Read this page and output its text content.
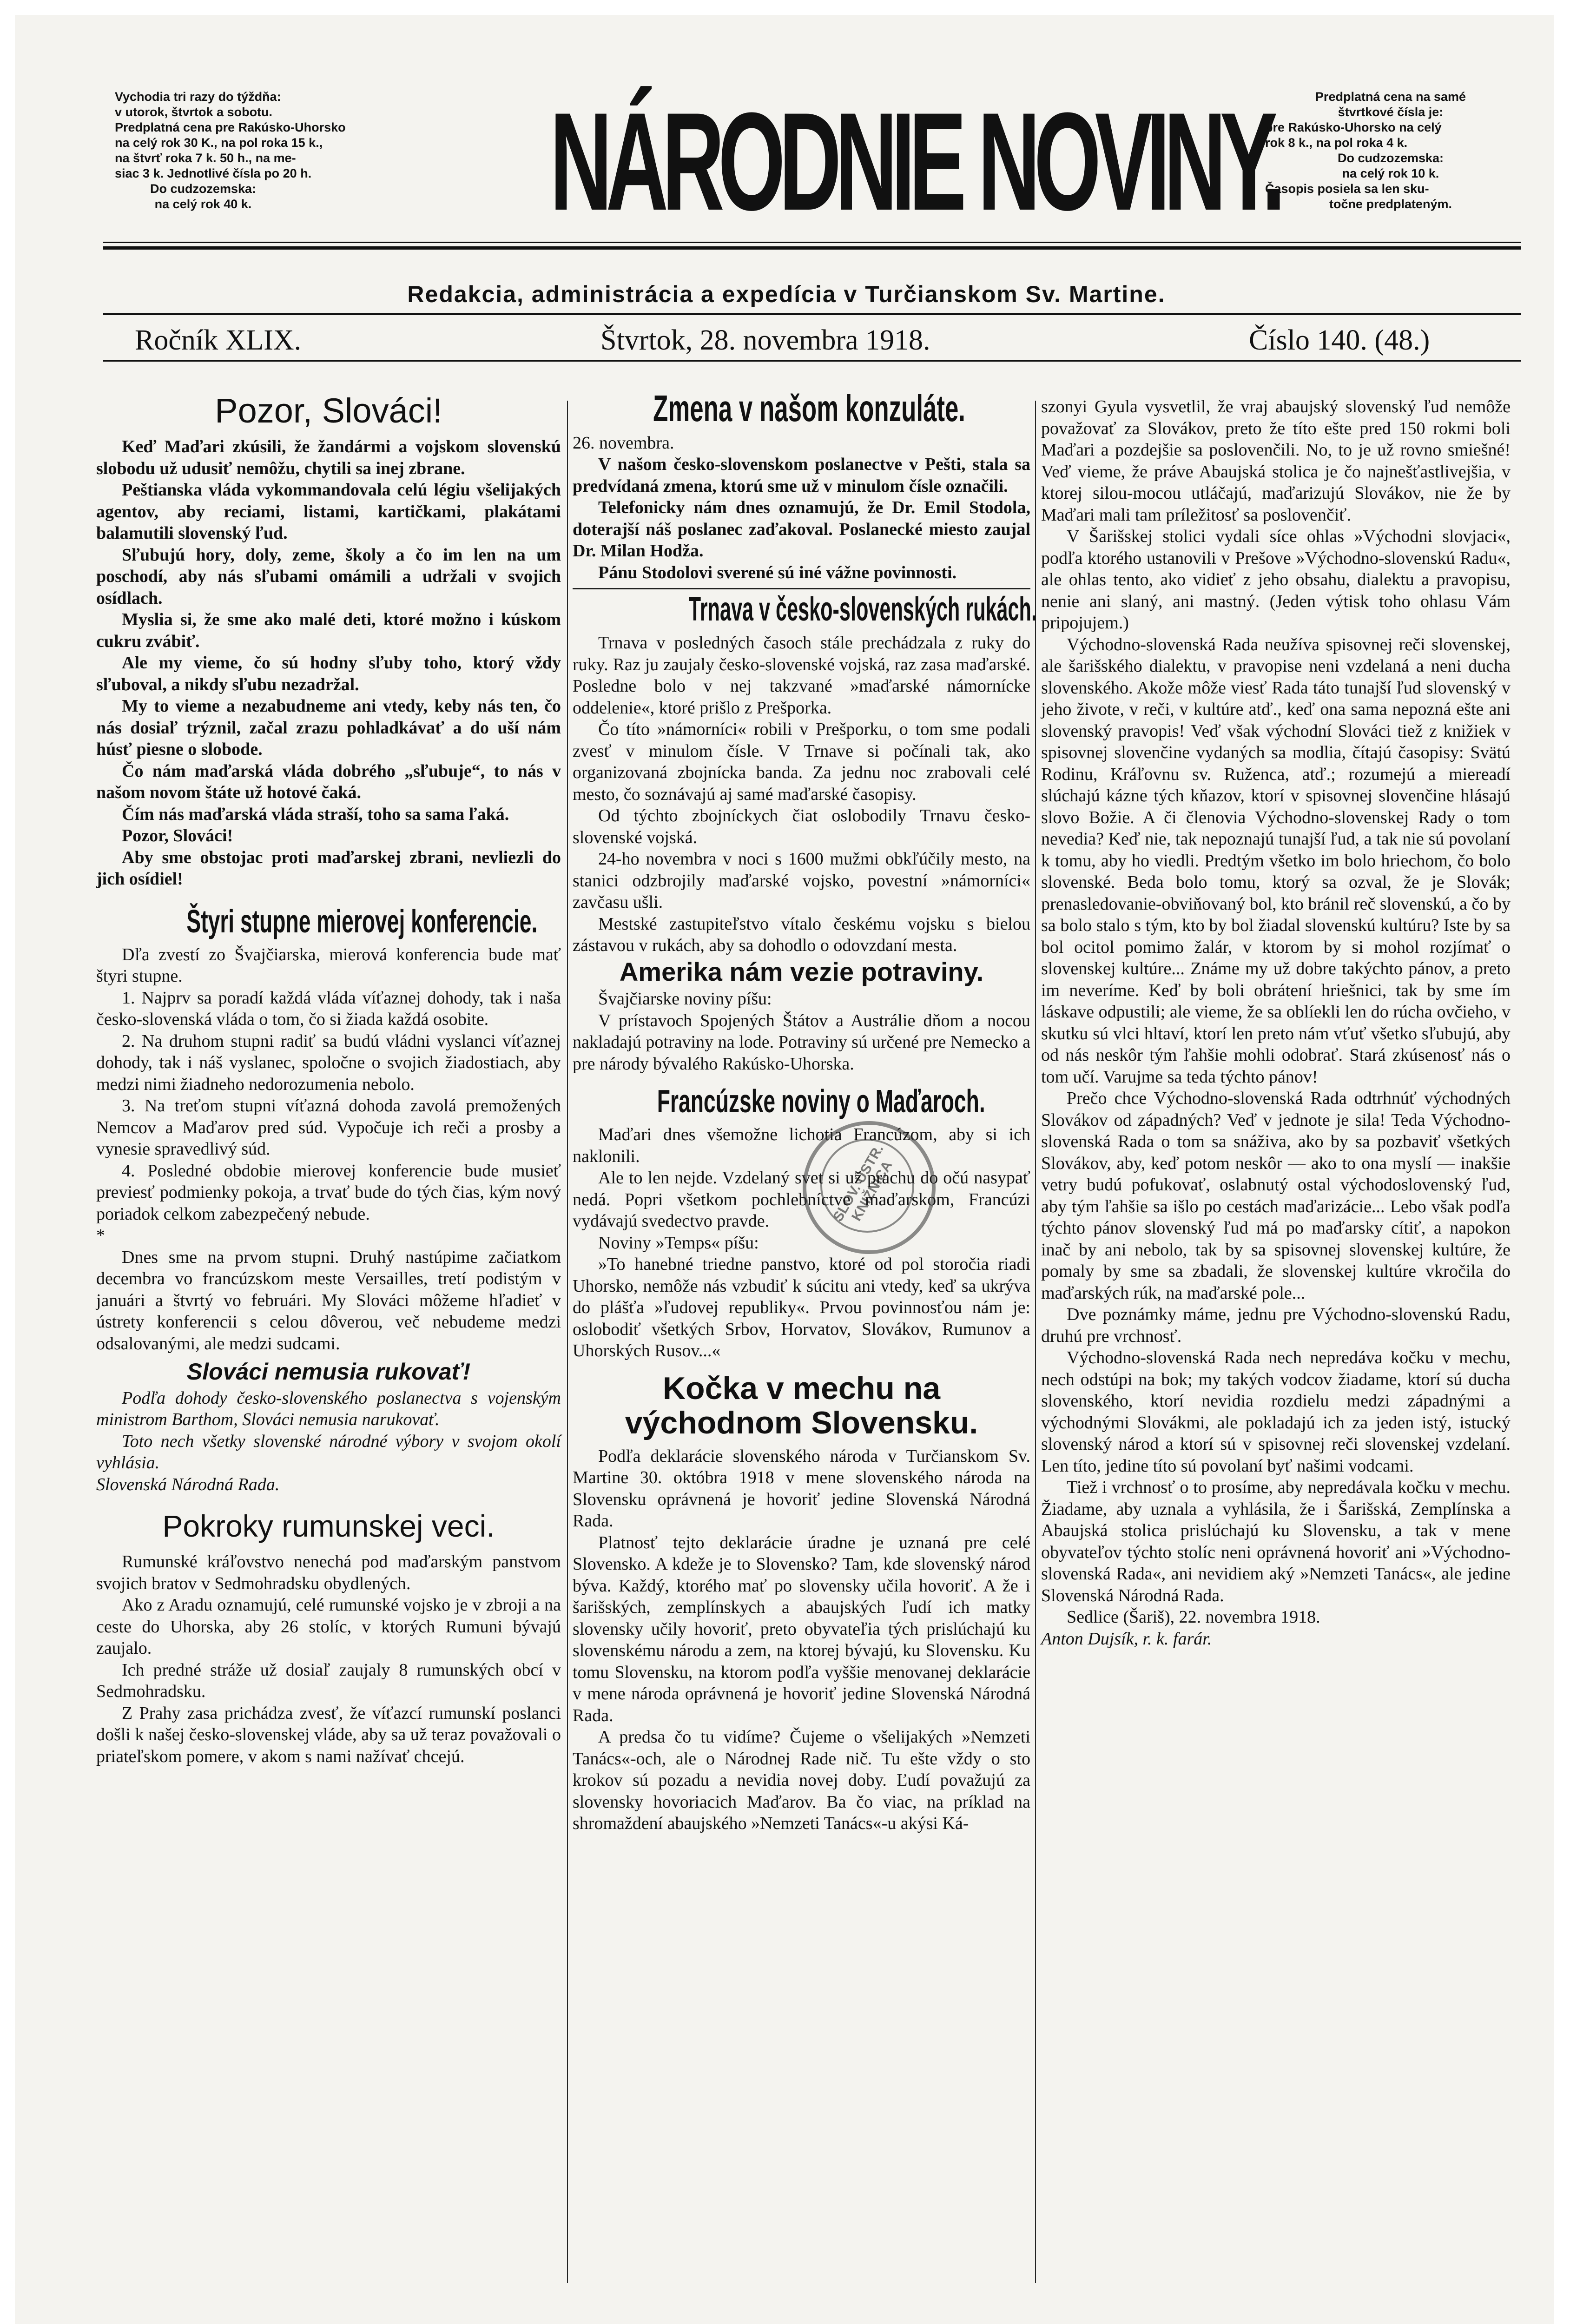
Vychodia tri razy do týždňa:
v utorok, štvrtok a sobotu.
Predplatná cena pre Rakúsko-Uhorsko
na celý rok 30 K., na pol roka 15 k.,
na štvrť roka 7 k. 50 h., na me-
siac 3 k. Jednotlivé čísla po 20 h.
Do cudzozemska:
na celý rok 40 k. NÁRODNIE NOVINY.	Predplatná cena na samé
štvrtkové čísla je:
pre Rakúsko-Uhorsko na celý
rok 8 k., na pol roka 4 k.
Do cudzozemska:
na celý rok 10 k.
Časopis posiela sa len sku-
točne predplateným.
Redakcia, administrácia a expedícia v Turčianskom Sv. Martine.
Ročník XLIX.	Štvrtok, 28. novembra 1918.	Číslo 140. (48.)
Pozor, Slováci!

Keď Maďari zkúsili, že žandármi a vojskom slovenskú slobodu už udusiť nemôžu, chytili sa inej zbrane.

Peštianska vláda vykommandovala celú légiu všelijakých agentov, aby reciami, listami, kartičkami, plakátami balamutili slovenský ľud.

Sľubujú hory, doly, zeme, školy a čo im len na um poschodí, aby nás sľubami omámili a udržali v svojich osídlach.

Myslia si, že sme ako malé deti, ktoré možno i kúskom cukru zvábiť.

Ale my vieme, čo sú hodny sľuby toho, ktorý vždy sľuboval, a nikdy sľubu nezadržal.

My to vieme a nezabudneme ani vtedy, keby nás ten, čo nás dosiaľ trýznil, začal zrazu pohladkávať a do uší nám húsť piesne o slobode.

Čo nám maďarská vláda dobrého „sľubuje“, to nás v našom novom štáte už hotové čaká.

Čím nás maďarská vláda straší, toho sa sama ľaká.

Pozor, Slováci!

Aby sme obstojac proti maďarskej zbrani, nevliezli do jich osídiel!

Štyri stupne mierovej konferencie.

Dľa zvestí zo Švajčiarska, mierová konferencia bude mať štyri stupne.

1. Najprv sa poradí každá vláda víťaznej dohody, tak i naša česko-slovenská vláda o tom, čo si žiada každá osobite.

2. Na druhom stupni radiť sa budú vládni vyslanci víťaznej dohody, tak i náš vyslanec, spoločne o svojich žiadostiach, aby medzi nimi žiadneho nedorozumenia nebolo.

3. Na treťom stupni víťazná dohoda zavolá premožených Nemcov a Maďarov pred súd. Vypočuje ich reči a prosby a vynesie spravedlivý súd.

4. Posledné obdobie mierovej konferencie bude musieť previesť podmienky pokoja, a trvať bude do tých čias, kým nový poriadok celkom zabezpečený nebude.

*

Dnes sme na prvom stupni. Druhý nastúpime začiatkom decembra vo francúzskom meste Versailles, tretí podistým v januári a štvrtý vo februári. My Slováci môžeme hľadieť v ústrety konferencii s celou dôverou, več nebudeme medzi odsalovanými, ale medzi sudcami.

Slováci nemusia rukovať!

Podľa dohody česko-slovenského poslanectva s vojenským ministrom Barthom, Slováci nemusia narukovať.

Toto nech všetky slovenské národné výbory v svojom okolí vyhlásia.

Slovenská Národná Rada.

Pokroky rumunskej veci.

Rumunské kráľovstvo nenechá pod maďarským panstvom svojich bratov v Sedmohradsku obydlených.

Ako z Aradu oznamujú, celé rumunské vojsko je v zbroji a na ceste do Uhorska, aby 26 stolíc, v ktorých Rumuni bývajú zaujalo.

Ich predné stráže už dosiaľ zaujaly 8 rumunských obcí v Sedmohradsku.

Z Prahy zasa prichádza zvesť, že víťazcí rumunskí poslanci došli k našej česko-slovenskej vláde, aby sa už teraz považovali o priateľskom pomere, v akom s nami nažívať chcejú.

Zmena v našom konzuláte.

26. novembra.

V našom česko-slovenskom poslanectve v Pešti, stala sa predvídaná zmena, ktorú sme už v minulom čísle označili.

Telefonicky nám dnes oznamujú, že Dr. Emil Stodola, doterajší náš poslanec zaďakoval. Poslanecké miesto zaujal Dr. Milan Hodža.

Pánu Stodolovi sverené sú iné vážne povinnosti.

Trnava v česko-slovenských rukách.

Trnava v posledných časoch stále prechádzala z ruky do ruky. Raz ju zaujaly česko-slovenské vojská, raz zasa maďarské. Posledne bolo v nej takzvané »maďarské námornícke oddelenie«, ktoré prišlo z Prešporka.

Čo títo »námorníci« robili v Prešporku, o tom sme podali zvesť v minulom čísle. V Trnave si počínali tak, ako organizovaná zbojnícka banda. Za jednu noc zrabovali celé mesto, čo soznávajú aj samé maďarské časopisy.

Od týchto zbojníckych čiat oslobodily Trnavu česko-slovenské vojská.

24-ho novembra v noci s 1600 mužmi obkľúčily mesto, na stanici odzbrojily maďarské vojsko, povestní »námorníci« zavčasu ušli.

Mestské zastupiteľstvo vítalo českému vojsku s bielou zástavou v rukách, aby sa dohodlo o odovzdaní mesta.

Amerika nám vezie potraviny.

Švajčiarske noviny píšu:

V prístavoch Spojených Štátov a Austrálie dňom a nocou nakladajú potraviny na lode. Potraviny sú určené pre Nemecko a pre národy bývalého Rakúsko-Uhorska.

Francúzske noviny o Maďaroch.

Maďari dnes všemožne lichotia Francúzom, aby si ich naklonili.

Ale to len nejde. Vzdelaný svet si už prachu do očú nasypať nedá. Popri všetkom pochlebníctve maďarskom, Francúzi vydávajú svedectvo pravde.

Noviny »Temps« píšu:

»To hanebné triedne panstvo, ktoré od pol storočia riadi Uhorsko, nemôže nás vzbudiť k súcitu ani vtedy, keď sa ukrýva do plášťa »ľudovej republiky«. Prvou povinnosťou nám je: oslobodiť všetkých Srbov, Horvatov, Slovákov, Rumunov a Uhorských Rusov...«

Kočka v mechu na východnom Slovensku.

Podľa deklarácie slovenského národa v Turčianskom Sv. Martine 30. októbra 1918 v mene slovenského národa na Slovensku oprávnená je hovoriť jedine Slovenská Národná Rada.

Platnosť tejto deklarácie úradne je uznaná pre celé Slovensko. A kdeže je to Slovensko? Tam, kde slovenský národ býva. Každý, ktorého mať po slovensky učila hovoriť. A že i šarišských, zemplínskych a abaujských ľudí ich matky slovensky učily hovoriť, preto obyvateľia tých prislúchajú ku slovenskému národu a zem, na ktorej bývajú, ku Slovensku. Ku tomu Slovensku, na ktorom podľa vyššie menovanej deklarácie v mene národa oprávnená je hovoriť jedine Slovenská Národná Rada.

A predsa čo tu vidíme? Čujeme o všelijakých »Nemzeti Tanács«-och, ale o Národnej Rade nič. Tu ešte vždy o sto krokov sú pozadu a nevidia novej doby. Ľudí považujú za slovensky hovoriacich Maďarov. Ba čo viac, na príklad na shromaždení abaujského »Nemzeti Tanács«-u akýsi Ká-

szonyi Gyula vysvetlil, že vraj abaujský slovenský ľud nemôže považovať za Slovákov, preto že títo ešte pred 150 rokmi boli Maďari a pozdejšie sa poslovenčili. No, to je už rovno smiešné! Veď vieme, že práve Abaujská stolica je čo najnešťastlivejšia, v ktorej silou-mocou utláčajú, maďarizujú Slovákov, nie že by Maďari mali tam príležitosť sa poslovenčiť.

V Šarišskej stolici vydali síce ohlas »Východni slovjaci«, podľa ktorého ustanovili v Prešove »Východno-slovenskú Radu«, ale ohlas tento, ako vidieť z jeho obsahu, dialektu a pravopisu, nenie ani slaný, ani mastný. (Jeden výtisk toho ohlasu Vám pripojujem.)

Východno-slovenská Rada neužíva spisovnej reči slovenskej, ale šarišského dialektu, v pravopise neni vzdelaná a neni ducha slovenského. Akože môže viesť Rada táto tunajší ľud slovenský v jeho živote, v reči, v kultúre atď., keď ona sama nepozná ešte ani slovenský pravopis! Veď však východní Slováci tiež z knižiek v spisovnej slovenčine vydaných sa modlia, čítajú časopisy: Svätú Rodinu, Kráľovnu sv. Ruženca, atď.; rozumejú a miereadí slúchajú kázne tých kňazov, ktorí v spisovnej slovenčine hlásajú slovo Božie. A či členovia Východno-slovenskej Rady o tom nevedia? Keď nie, tak nepoznajú tunajší ľud, a tak nie sú povolaní k tomu, aby ho viedli. Predtým všetko im bolo hriechom, čo bolo slovenské. Beda bolo tomu, ktorý sa ozval, že je Slovák; prenasledovanie-obviňovaný bol, kto bránil reč slovenskú, a čo by sa bolo stalo s tým, kto by bol žiadal slovenskú kultúru? Iste by sa bol ocitol pomimo žalár, v ktorom by si mohol rozjímať o slovenskej kultúre... Známe my už dobre takýchto pánov, a preto im neveríme. Keď by boli obrátení hriešnici, tak by sme ím láskave odpustili; ale vieme, že sa oblíekli len do rúcha ovčieho, v skutku sú vlci hltaví, ktorí len preto nám vťuť všetko sľubujú, aby od nás neskôr tým ľahšie mohli odobrať. Stará zkúsenosť nás o tom učí. Varujme sa teda týchto pánov!

Prečo chce Východno-slovenská Rada odtrhnúť východných Slovákov od západných? Veď v jednote je sila! Teda Východno-slovenská Rada o tom sa snáživa, ako by sa pozbaviť všetkých Slovákov, aby, keď potom neskôr — ako to ona myslí — inakšie vetry budú pofukovať, oslabnutý ostal východoslovenský ľud, aby tým ľahšie sa išlo po cestách maďarizácie... Lebo však podľa týchto pánov slovenský ľud má po maďarsky cítiť, a napokon inač by ani nebolo, tak by sa spisovnej slovenskej kultúre, že pomaly by sme sa zbadali, že slovenskej kultúre vkročila do maďarských rúk, na maďarské pole...

Dve poznámky máme, jednu pre Východno-slovenskú Radu, druhú pre vrchnosť.

Východno-slovenská Rada nech nepredáva kočku v mechu, nech odstúpi na bok; my takých vodcov žiadame, ktorí sú ducha slovenského, ktorí nevidia rozdielu medzi západnými a východnými Slovákmi, ale pokladajú ich za jeden istý, istucký slovenský národ a ktorí sú v spisovnej reči slovenskej vzdelaní. Len títo, jedine títo sú povolaní byť našimi vodcami.

Tiež i vrchnosť o to prosíme, aby nepredávala kočku v mechu. Žiadame, aby uznala a vyhlásila, že i Šarišská, Zemplínska a Abaujská stolica prislúchajú ku Slovensku, a tak v mene obyvateľov týchto stolíc neni oprávnená hovoriť ani »Východno-slovenská Rada«, ani nevidiem aký »Nemzeti Tanács«, ale jedine Slovenská Národná Rada.

Sedlice (Šariš), 22. novembra 1918.

Anton Dujsík, r. k. farár.

SLOV. ÚSTR. KNIŽNICA
